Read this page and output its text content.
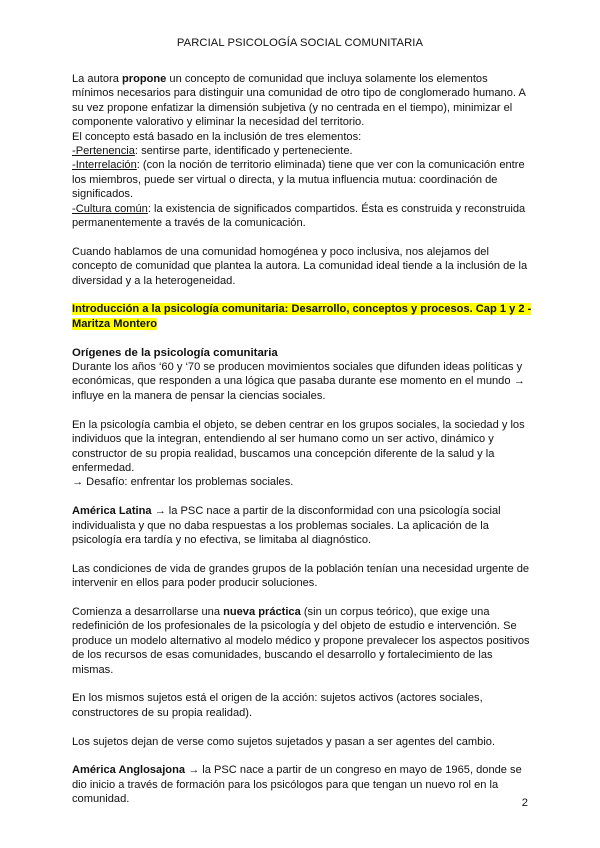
PARCIAL PSICOLOGÍA SOCIAL COMUNITARIA

La autora propone un concepto de comunidad que incluya solamente los elementos mínimos necesarios para distinguir una comunidad de otro tipo de conglomerado humano. A su vez propone enfatizar la dimensión subjetiva (y no centrada en el tiempo), minimizar el componente valorativo y eliminar la necesidad del territorio.

El concepto está basado en la inclusión de tres elementos:

-Pertenencia: sentirse parte, identificado y perteneciente.

-Interrelación: (con la noción de territorio eliminada) tiene que ver con la comunicación entre los miembros, puede ser virtual o directa, y la mutua influencia mutua: coordinación de significados.

-Cultura común: la existencia de significados compartidos. Ésta es construida y reconstruida permanentemente a través de la comunicación.

Cuando hablamos de una comunidad homogénea y poco inclusiva, nos alejamos del concepto de comunidad que plantea la autora. La comunidad ideal tiende a la inclusión de la diversidad y a la heterogeneidad.

Introducción a la psicología comunitaria: Desarrollo, conceptos y procesos. Cap 1 y 2 - Maritza Montero

Orígenes de la psicología comunitaria

Durante los años ‘60 y ‘70 se producen movimientos sociales que difunden ideas políticas y económicas, que responden a una lógica que pasaba durante ese momento en el mundo → influye en la manera de pensar la ciencias sociales.

En la psicología cambia el objeto, se deben centrar en los grupos sociales, la sociedad y los individuos que la integran, entendiendo al ser humano como un ser activo, dinámico y constructor de su propia realidad, buscamos una concepción diferente de la salud y la enfermedad.

→ Desafío: enfrentar los problemas sociales.

América Latina → la PSC nace a partir de la disconformidad con una psicología social individualista y que no daba respuestas a los problemas sociales. La aplicación de la psicología era tardía y no efectiva, se limitaba al diagnóstico.

Las condiciones de vida de grandes grupos de la población tenían una necesidad urgente de intervenir en ellos para poder producir soluciones.

Comienza a desarrollarse una nueva práctica (sin un corpus teórico), que exige una redefinición de los profesionales de la psicología y del objeto de estudio e intervención. Se produce un modelo alternativo al modelo médico y propone prevalecer los aspectos positivos de los recursos de esas comunidades, buscando el desarrollo y fortalecimiento de las mismas.

En los mismos sujetos está el origen de la acción: sujetos activos (actores sociales, constructores de su propia realidad).

Los sujetos dejan de verse como sujetos sujetados y pasan a ser agentes del cambio.

América Anglosajona → la PSC nace a partir de un congreso en mayo de 1965, donde se dio inicio a través de formación para los psicólogos para que tengan un nuevo rol en la comunidad.	2
